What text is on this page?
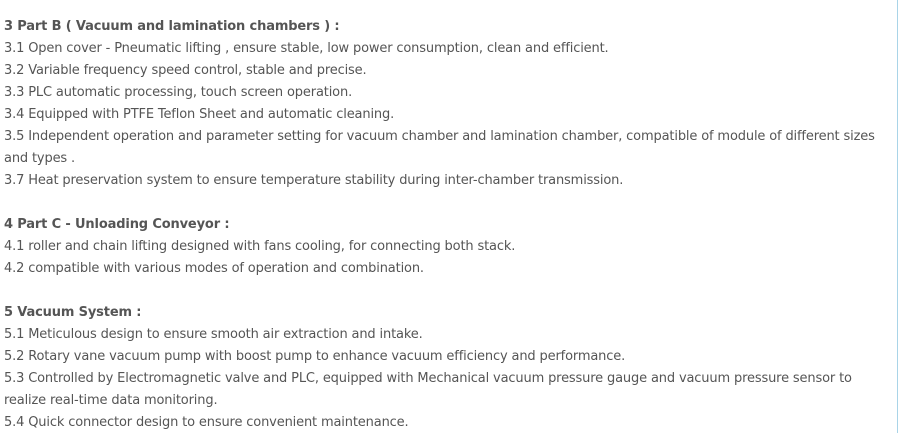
3 Part B ( Vacuum and lamination chambers ) :

3.1 Open cover - Pneumatic lifting , ensure stable, low power consumption, clean and efficient.

3.2 Variable frequency speed control, stable and precise.

3.3 PLC automatic processing, touch screen operation.

3.4 Equipped with PTFE Teflon Sheet and automatic cleaning.

3.5 Independent operation and parameter setting for vacuum chamber and lamination chamber, compatible of module of different sizes and types .

3.7 Heat preservation system to ensure temperature stability during inter-chamber transmission.

4 Part C - Unloading Conveyor :

4.1 roller and chain lifting designed with fans cooling, for connecting both stack.

4.2 compatible with various modes of operation and combination.

5 Vacuum System :

5.1 Meticulous design to ensure smooth air extraction and intake.

5.2 Rotary vane vacuum pump with boost pump to enhance vacuum efficiency and performance.

5.3 Controlled by Electromagnetic valve and PLC, equipped with Mechanical vacuum pressure gauge and vacuum pressure sensor to realize real-time data monitoring.

5.4 Quick connector design to ensure convenient maintenance.
